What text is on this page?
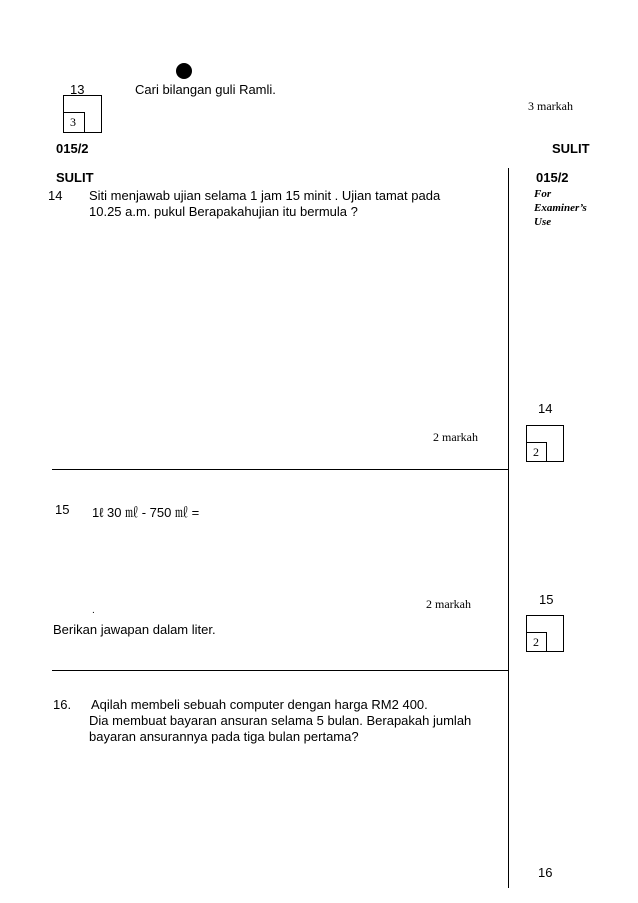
13	Cari bilangan guli Ramli.
3 markah
3
015/2	SULIT
SULIT	015/2
For
Examiner’s
Use
14 Siti menjawab ujian selama 1 jam 15 minit . Ujian tamat pada
10.25 a.m. pukul Berapakahujian itu bermula ?
2 markah
14
2
15 1ℓ 30 ㎖ - 750 ㎖ =
2 markah
.
Berikan jawapan dalam liter.
15
2
16. Aqilah membeli sebuah computer dengan harga RM2 400.
Dia membuat bayaran ansuran selama 5 bulan. Berapakah jumlah
bayaran ansurannya pada tiga bulan pertama?
16
